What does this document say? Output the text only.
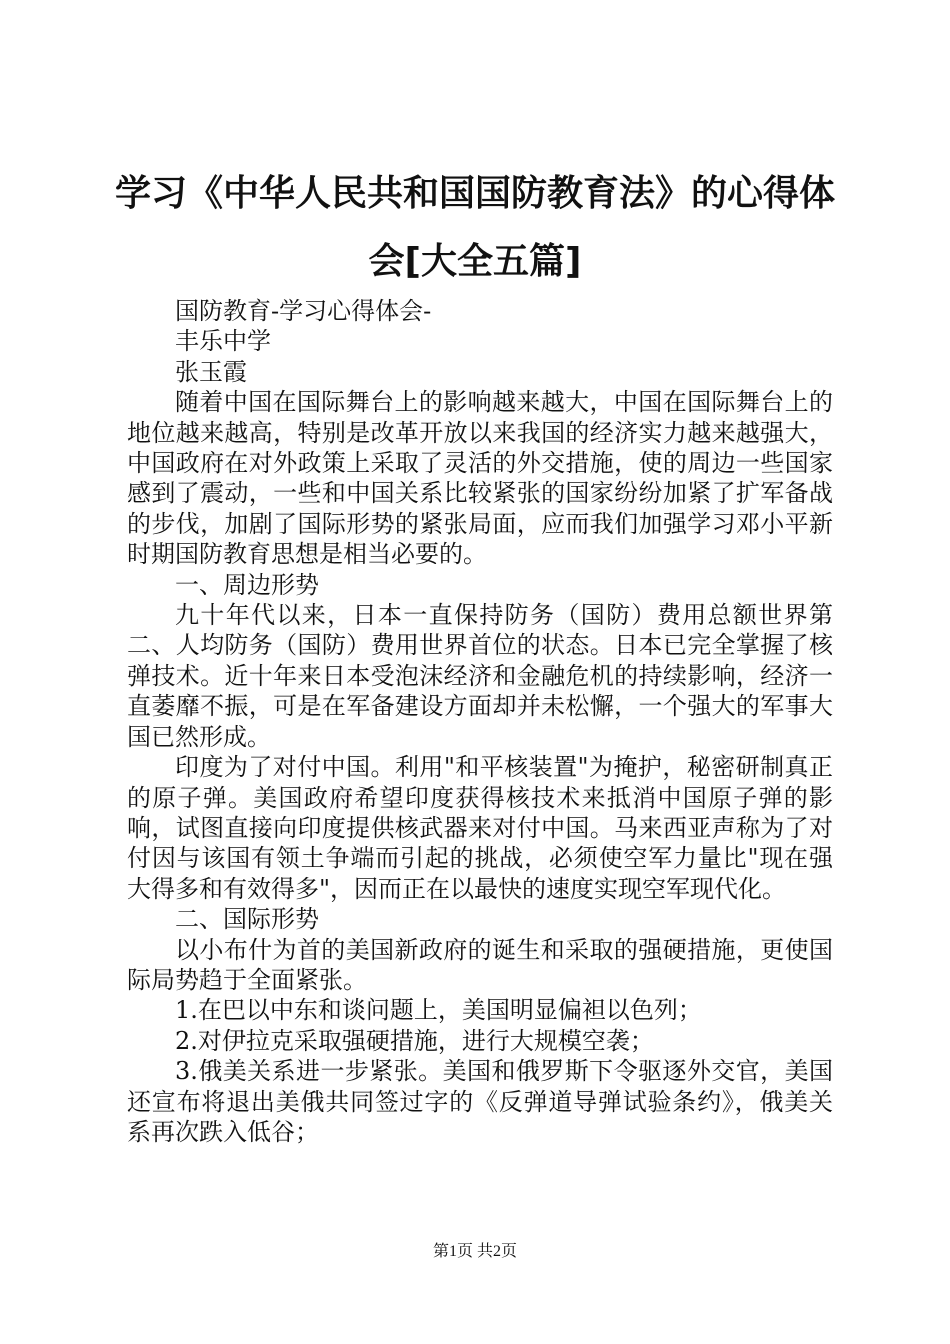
学习《中华人民共和国国防教育法》的心得体会[大全五篇]

国防教育-学习心得体会-

丰乐中学

张玉霞

随着中国在国际舞台上的影响越来越大，中国在国际舞台上的地位越来越高，特别是改革开放以来我国的经济实力越来越强大，中国政府在对外政策上采取了灵活的外交措施，使的周边一些国家感到了震动，一些和中国关系比较紧张的国家纷纷加紧了扩军备战的步伐，加剧了国际形势的紧张局面，应而我们加强学习邓小平新时期国防教育思想是相当必要的。

一、周边形势

九十年代以来，日本一直保持防务（国防）费用总额世界第二、人均防务（国防）费用世界首位的状态。日本已完全掌握了核弹技术。近十年来日本受泡沫经济和金融危机的持续影响，经济一直萎靡不振，可是在军备建设方面却并未松懈，一个强大的军事大国已然形成。

印度为了对付中国。利用"和平核装置"为掩护，秘密研制真正的原子弹。美国政府希望印度获得核技术来抵消中国原子弹的影响，试图直接向印度提供核武器来对付中国。马来西亚声称为了对付因与该国有领土争端而引起的挑战，必须使空军力量比"现在强大得多和有效得多"，因而正在以最快的速度实现空军现代化。

二、国际形势

以小布什为首的美国新政府的诞生和采取的强硬措施，更使国际局势趋于全面紧张。

1.在巴以中东和谈问题上，美国明显偏袒以色列；

2.对伊拉克采取强硬措施，进行大规模空袭；

3.俄美关系进一步紧张。美国和俄罗斯下令驱逐外交官，美国还宣布将退出美俄共同签过字的《反弹道导弹试验条约》，俄美关系再次跌入低谷；

第1页 共2页
